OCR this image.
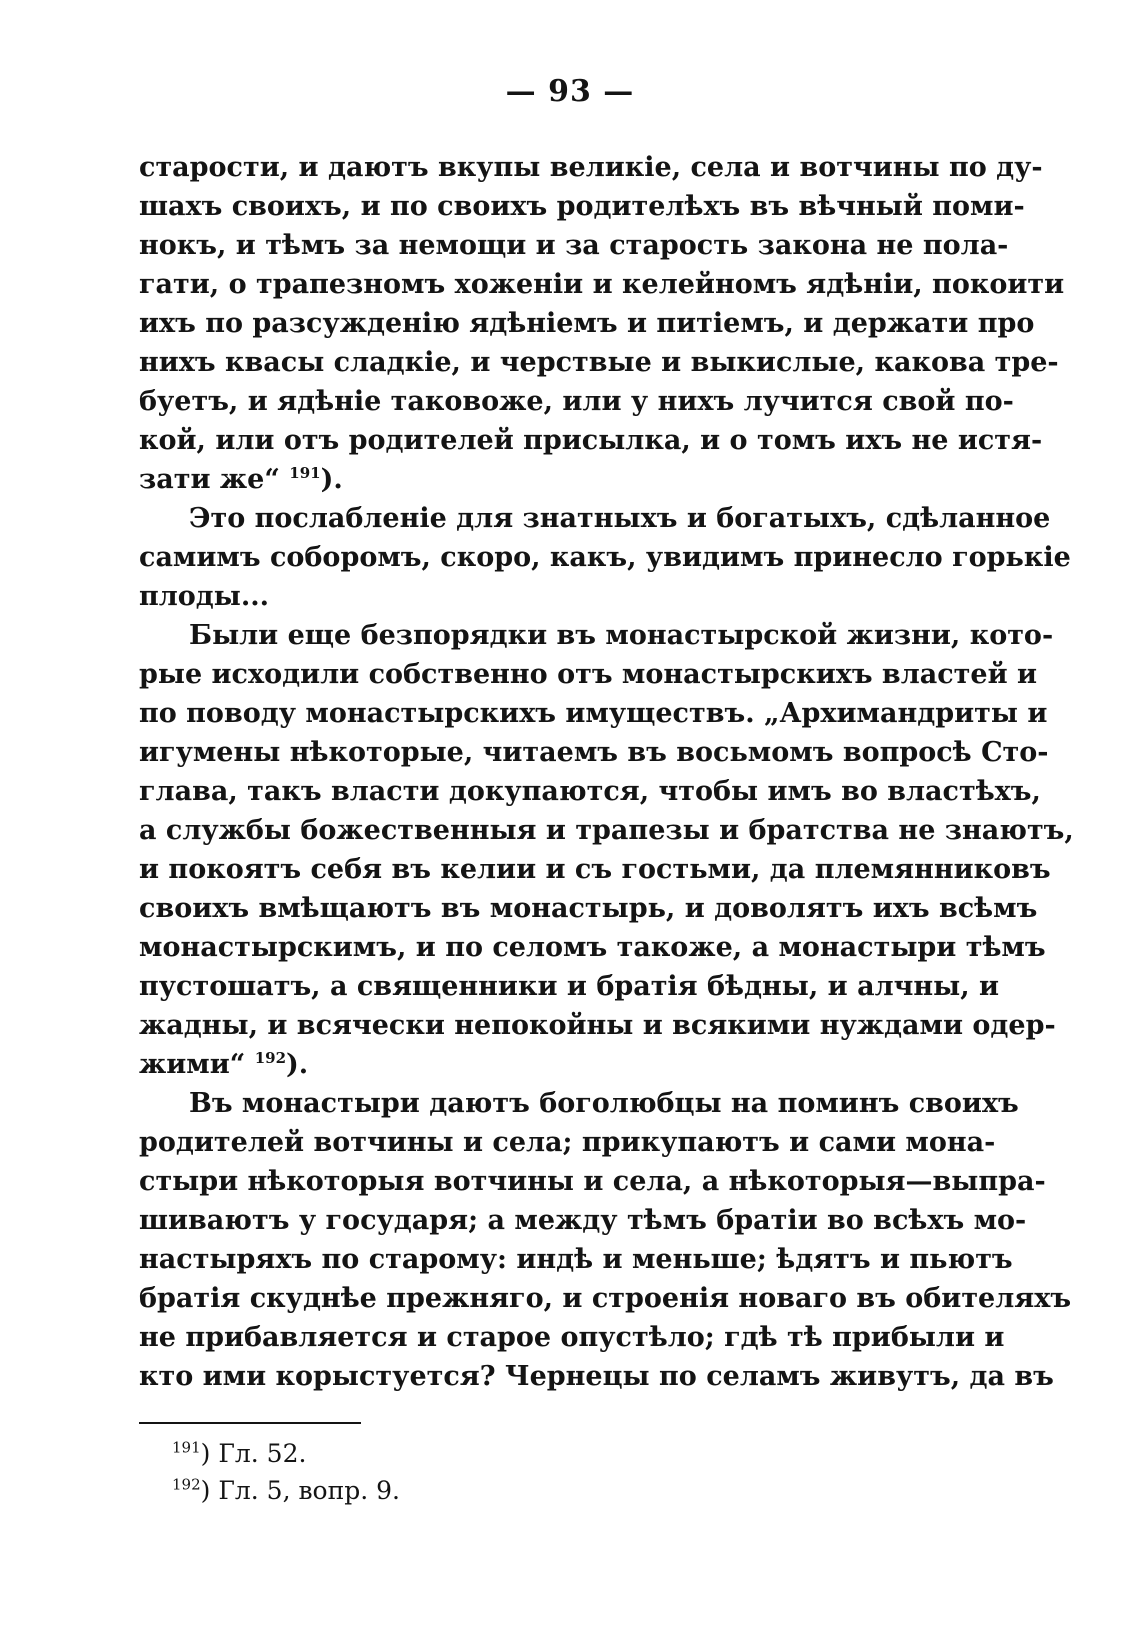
— 93 —
старости, и даютъ вкупы великіе, села и вотчины по ду-
шахъ своихъ, и по своихъ родителѣхъ въ вѣчный поми-
нокъ, и тѣмъ за немощи и за старость закона не пола-
гати, о трапезномъ хоженіи и келейномъ ядѣніи, покоити
ихъ по разсужденію ядѣніемъ и питіемъ, и держати про
нихъ квасы сладкіе, и черствые и выкислые, какова тре-
буетъ, и ядѣніе таковоже, или у нихъ лучится свой по-
кой, или отъ родителей присылка, и о томъ ихъ не истя-
зати же“ $^{191}$).
Это послабленіе для знатныхъ и богатыхъ, сдѣланное
самимъ соборомъ, скоро, какъ, увидимъ принесло горькіе
плоды...
Были еще безпорядки въ монастырской жизни, кото-
рые исходили собственно отъ монастырскихъ властей и
по поводу монастырскихъ имуществъ. „Архимандриты и
игумены нѣкоторые, читаемъ въ восьмомъ вопросѣ Сто-
глава, такъ власти докупаются, чтобы имъ во властѣхъ,
а службы божественныя и трапезы и братства не знаютъ,
и покоятъ себя въ келии и съ гостьми, да племянниковъ
своихъ вмѣщаютъ въ монастырь, и доволятъ ихъ всѣмъ
монастырскимъ, и по селомъ такоже, а монастыри тѣмъ
пустошатъ, а священники и братія бѣдны, и алчны, и
жадны, и всячески непокойны и всякими нуждами одер-
жими“ $^{192}$).
Въ монастыри даютъ боголюбцы на поминъ своихъ
родителей вотчины и села; прикупаютъ и сами мона-
стыри нѣкоторыя вотчины и села, а нѣкоторыя—выпра-
шиваютъ у государя; а между тѣмъ братіи во всѣхъ мо-
настыряхъ по старому: индѣ и меньше; ѣдятъ и пьютъ
братія скуднѣе прежняго, и строенія новаго въ обителяхъ
не прибавляется и старое опустѣло; гдѣ тѣ прибыли и
кто ими корыстуется? Чернецы по селамъ живутъ, да въ
$^{191}$) Гл. 52.
$^{192}$) Гл. 5, вопр. 9.
